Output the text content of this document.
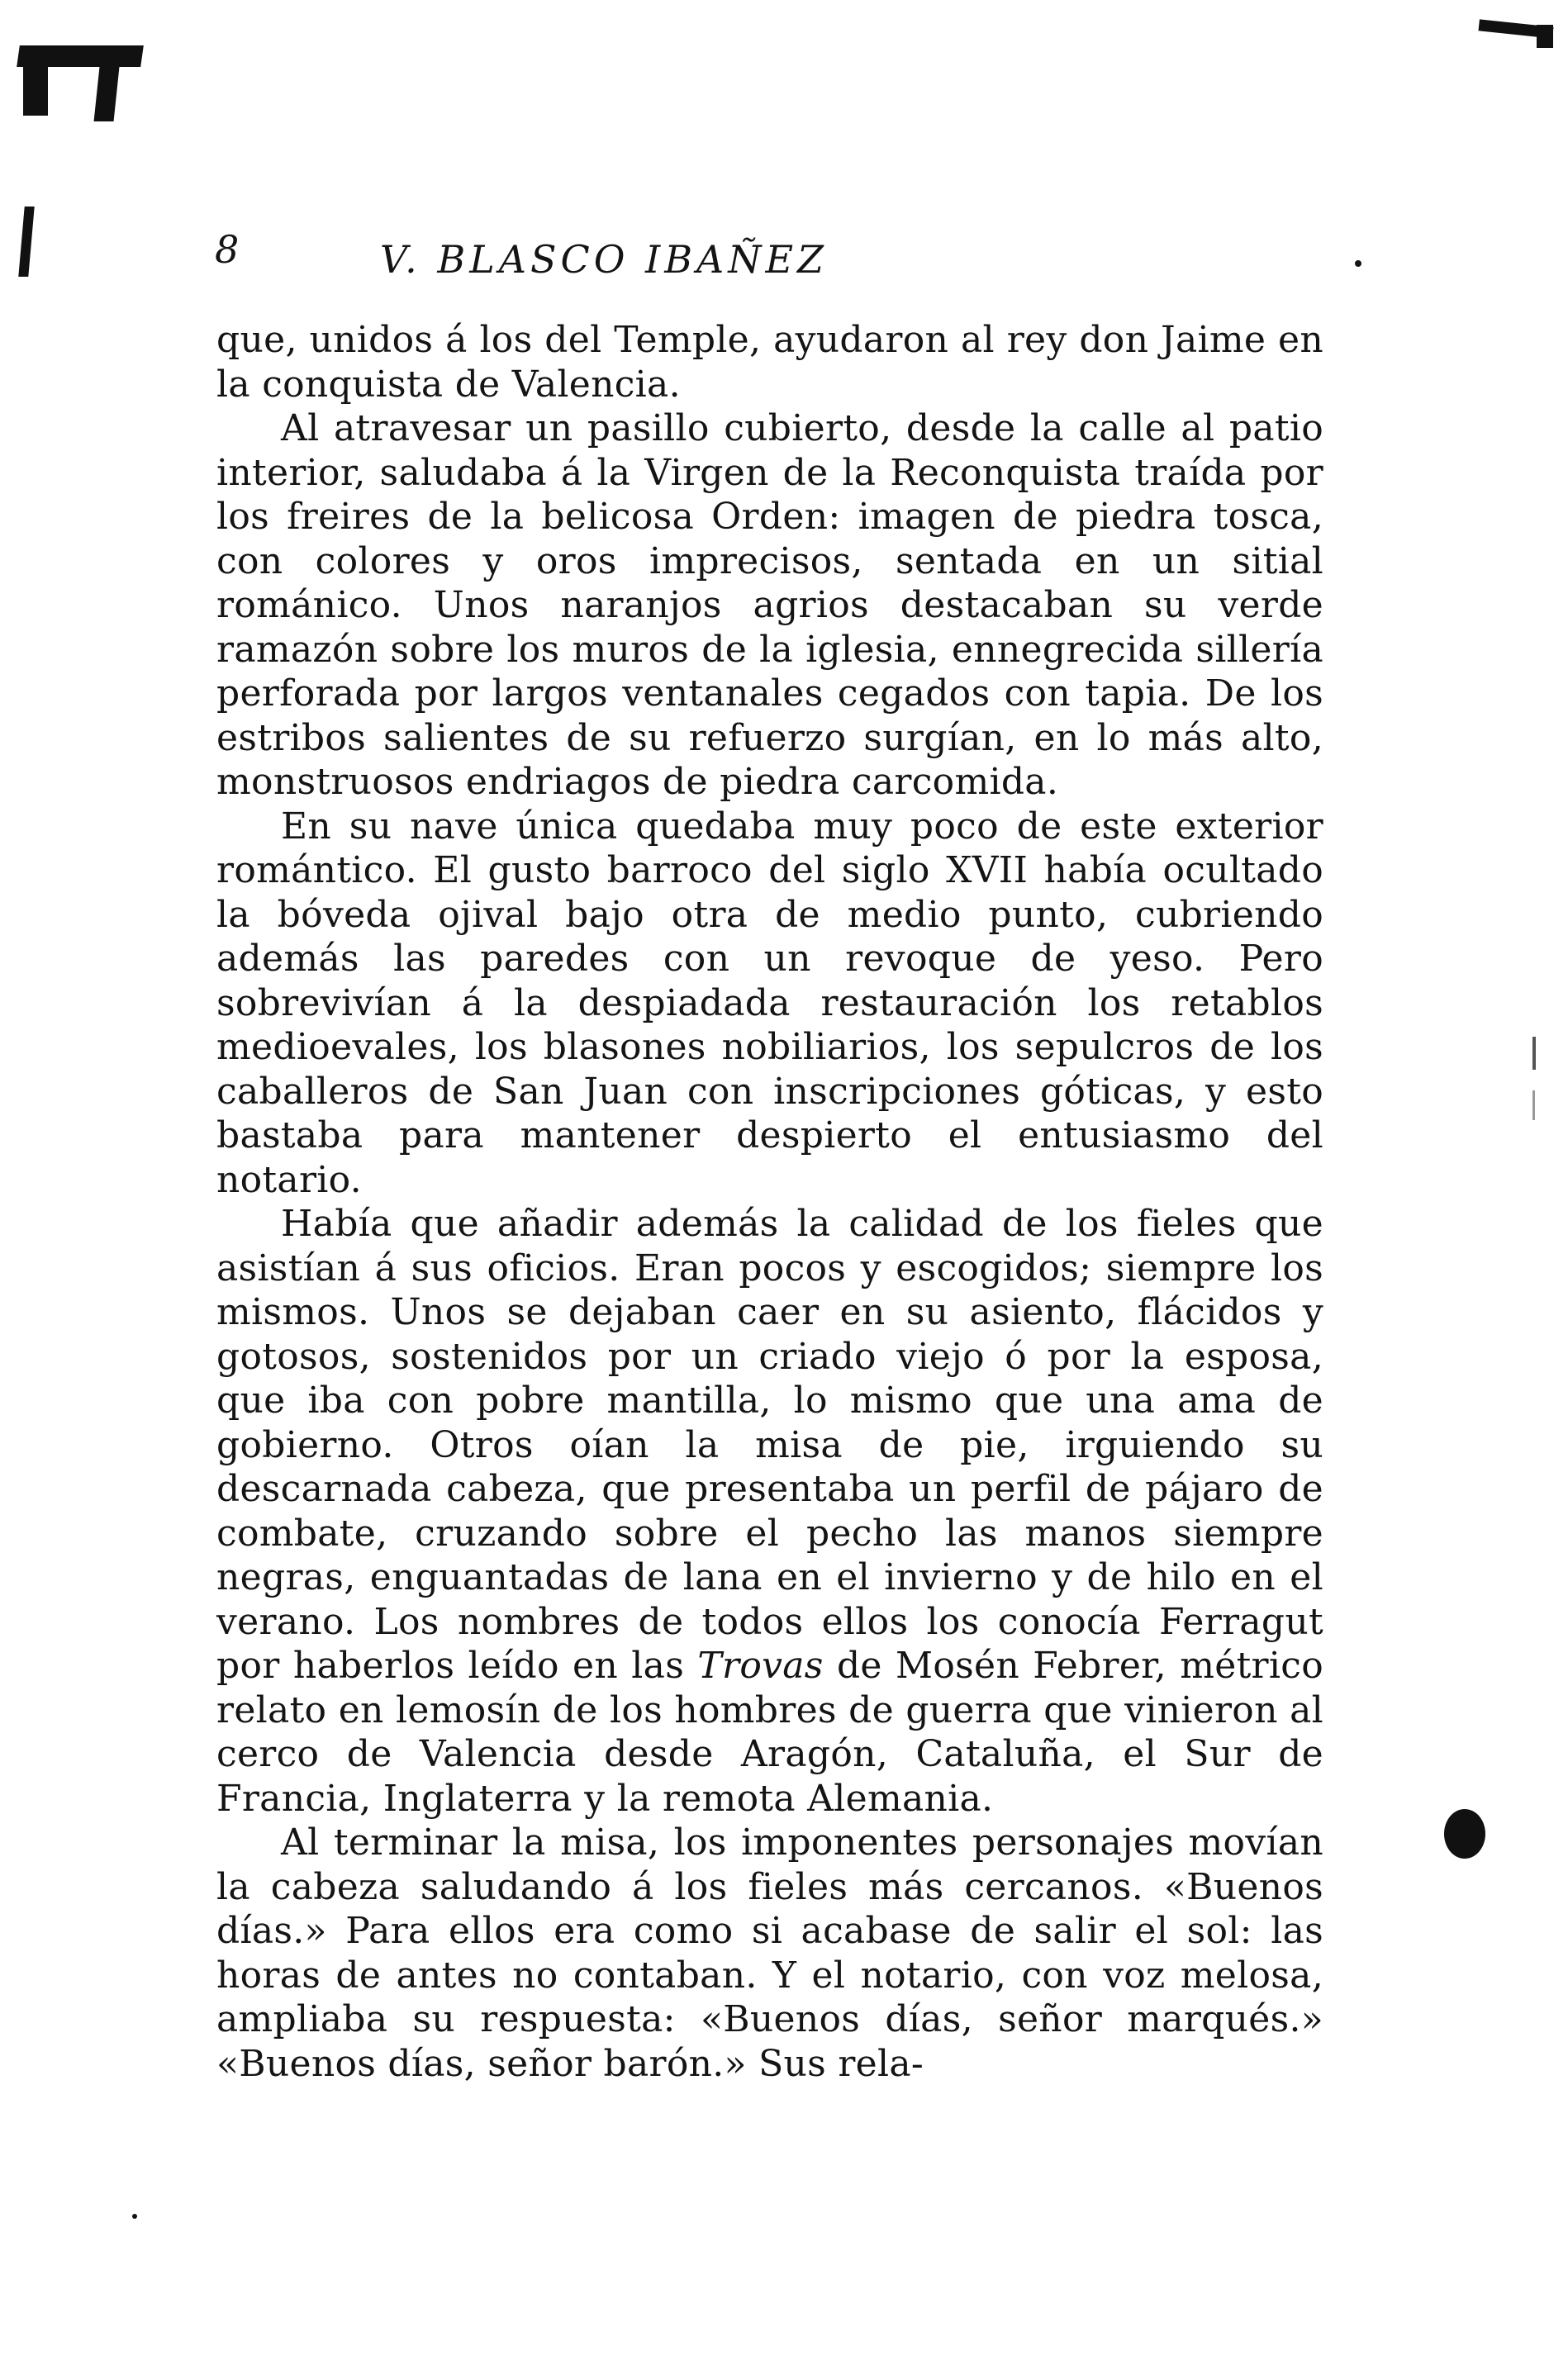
8	V. BLASCO IBAÑEZ

que, unidos á los del Temple, ayudaron al rey don Jaime en la conquista de Valencia.

Al atravesar un pasillo cubierto, desde la calle al patio interior, saludaba á la Virgen de la Reconquista traída por los freires de la belicosa Orden: imagen de piedra tosca, con colores y oros imprecisos, sentada en un sitial románico. Unos naranjos agrios destacaban su verde ramazón sobre los muros de la iglesia, ennegrecida sillería perforada por largos ventanales cegados con tapia. De los estribos salientes de su refuerzo surgían, en lo más alto, monstruosos endriagos de piedra carcomida.

En su nave única quedaba muy poco de este exterior romántico. El gusto barroco del siglo XVII había ocultado la bóveda ojival bajo otra de medio punto, cubriendo además las paredes con un revoque de yeso. Pero sobrevivían á la despiadada restauración los retablos medioevales, los blasones nobiliarios, los sepulcros de los caballeros de San Juan con inscripciones góticas, y esto bastaba para mantener despierto el entusiasmo del notario.

Había que añadir además la calidad de los fieles que asistían á sus oficios. Eran pocos y escogidos; siempre los mismos. Unos se dejaban caer en su asiento, flácidos y gotosos, sostenidos por un criado viejo ó por la esposa, que iba con pobre mantilla, lo mismo que una ama de gobierno. Otros oían la misa de pie, irguiendo su descarnada cabeza, que presentaba un perfil de pájaro de combate, cruzando sobre el pecho las manos siempre negras, enguantadas de lana en el invierno y de hilo en el verano. Los nombres de todos ellos los conocía Ferragut por haberlos leído en las Trovas de Mosén Febrer, métrico relato en lemosín de los hombres de guerra que vinieron al cerco de Valencia desde Aragón, Cataluña, el Sur de Francia, Inglaterra y la remota Alemania.

Al terminar la misa, los imponentes personajes movían la cabeza saludando á los fieles más cercanos. «Buenos días.» Para ellos era como si acabase de salir el sol: las horas de antes no contaban. Y el notario, con voz melosa, ampliaba su respuesta: «Buenos días, señor marqués.» «Buenos días, señor barón.» Sus rela-
